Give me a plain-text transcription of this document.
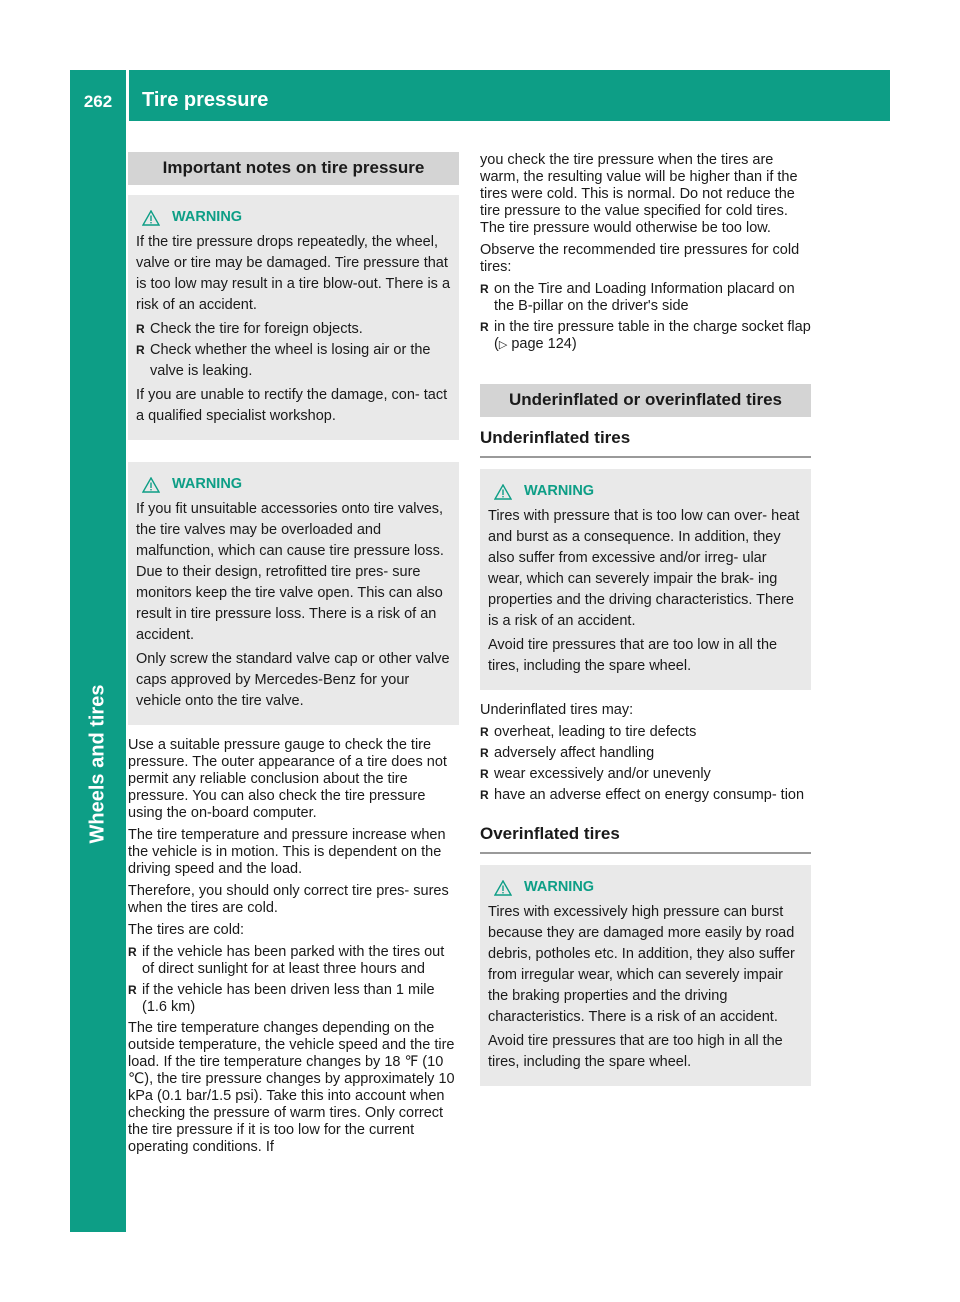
262	Tire pressure
Wheels and tires
Important notes on tire pressure
WARNING

If the tire pressure drops repeatedly, the wheel, valve or tire may be damaged. Tire pressure that is too low may result in a tire blow-out. There is a risk of an accident.

R Check the tire for foreign objects.
R Check whether the wheel is losing air or the valve is leaking.

If you are unable to rectify the damage, con- tact a qualified specialist workshop.

WARNING

If you fit unsuitable accessories onto tire valves, the tire valves may be overloaded and malfunction, which can cause tire pressure loss. Due to their design, retrofitted tire pres- sure monitors keep the tire valve open. This can also result in tire pressure loss. There is a risk of an accident.

Only screw the standard valve cap or other valve caps approved by Mercedes-Benz for your vehicle onto the tire valve.

Use a suitable pressure gauge to check the tire pressure. The outer appearance of a tire does not permit any reliable conclusion about the tire pressure. You can also check the tire pressure using the on-board computer.

The tire temperature and pressure increase when the vehicle is in motion. This is dependent on the driving speed and the load.

Therefore, you should only correct tire pres- sures when the tires are cold.

The tires are cold:

R if the vehicle has been parked with the tires out of direct sunlight for at least three hours and
R if the vehicle has been driven less than 1 mile (1.6 km)

The tire temperature changes depending on the outside temperature, the vehicle speed and the tire load. If the tire temperature changes by 18 ℉ (10 ℃), the tire pressure changes by approximately 10 kPa (0.1 bar/1.5 psi). Take this into account when checking the pressure of warm tires. Only correct the tire pressure if it is too low for the current operating conditions. If

you check the tire pressure when the tires are warm, the resulting value will be higher than if the tires were cold. This is normal. Do not reduce the tire pressure to the value specified for cold tires. The tire pressure would otherwise be too low.

Observe the recommended tire pressures for cold tires:

R on the Tire and Loading Information placard on the B-pillar on the driver's side
R in the tire pressure table in the charge socket flap (▷ page 124)
Underinflated or overinflated tires
Underinflated tires
WARNING

Tires with pressure that is too low can over- heat and burst as a consequence. In addition, they also suffer from excessive and/or irreg- ular wear, which can severely impair the brak- ing properties and the driving characteristics. There is a risk of an accident.

Avoid tire pressures that are too low in all the tires, including the spare wheel.

Underinflated tires may:

R overheat, leading to tire defects
R adversely affect handling
R wear excessively and/or unevenly
R have an adverse effect on energy consump- tion
Overinflated tires
WARNING

Tires with excessively high pressure can burst because they are damaged more easily by road debris, potholes etc. In addition, they also suffer from irregular wear, which can severely impair the braking properties and the driving characteristics. There is a risk of an accident.

Avoid tire pressures that are too high in all the tires, including the spare wheel.
